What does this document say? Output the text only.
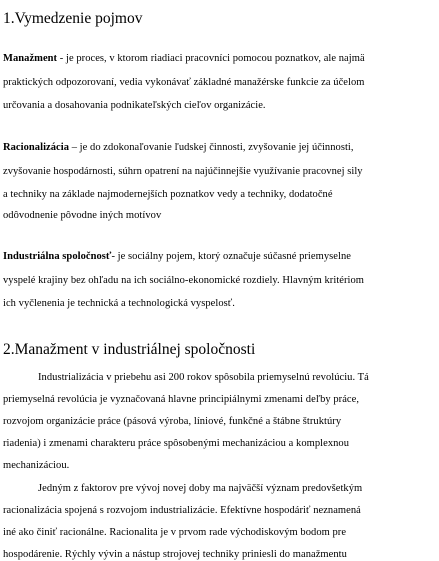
1.Vymedzenie pojmov
Manažment - je proces, v ktorom riadiaci pracovníci pomocou poznatkov, ale najmä
praktických odpozorovaní, vedia vykonávať základné manažérske funkcie za účelom
určovania a dosahovania podnikateľských cieľov organizácie.
Racionalizácia – je do zdokonaľovanie ľudskej činnosti, zvyšovanie jej účinnosti,
zvyšovanie hospodárnosti, súhrn opatrení na najúčinnejšie využívanie pracovnej sily
a techniky na základe najmodernejších poznatkov vedy a techniky, dodatočné
odôvodnenie pôvodne iných motívov
Industriálna spoločnosť- je sociálny pojem, ktorý označuje súčasné priemyselne
vyspelé krajiny bez ohľadu na ich sociálno-ekonomické rozdiely. Hlavným kritériom
ich vyčlenenia je technická a technologická vyspelosť.
2.Manažment v industriálnej spoločnosti
Industrializácia v priebehu asi 200 rokov spôsobila priemyselnú revolúciu. Tá
priemyselná revolúcia je vyznačovaná hlavne principiálnymi zmenami deľby práce,
rozvojom organizácie práce (pásová výroba, líniové, funkčné a štábne štruktúry
riadenia) i zmenami charakteru práce spôsobenými mechanizáciou a komplexnou
mechanizáciou.
Jedným z faktorov pre vývoj novej doby ma najväčší význam predovšetkým
racionalizácia spojená s rozvojom industrializácie. Efektívne hospodáriť neznamená
iné ako činiť racionálne. Racionalita je v prvom rade východiskovým bodom pre
hospodárenie. Rýchly vývin a nástup strojovej techniky priniesli do manažmentu
